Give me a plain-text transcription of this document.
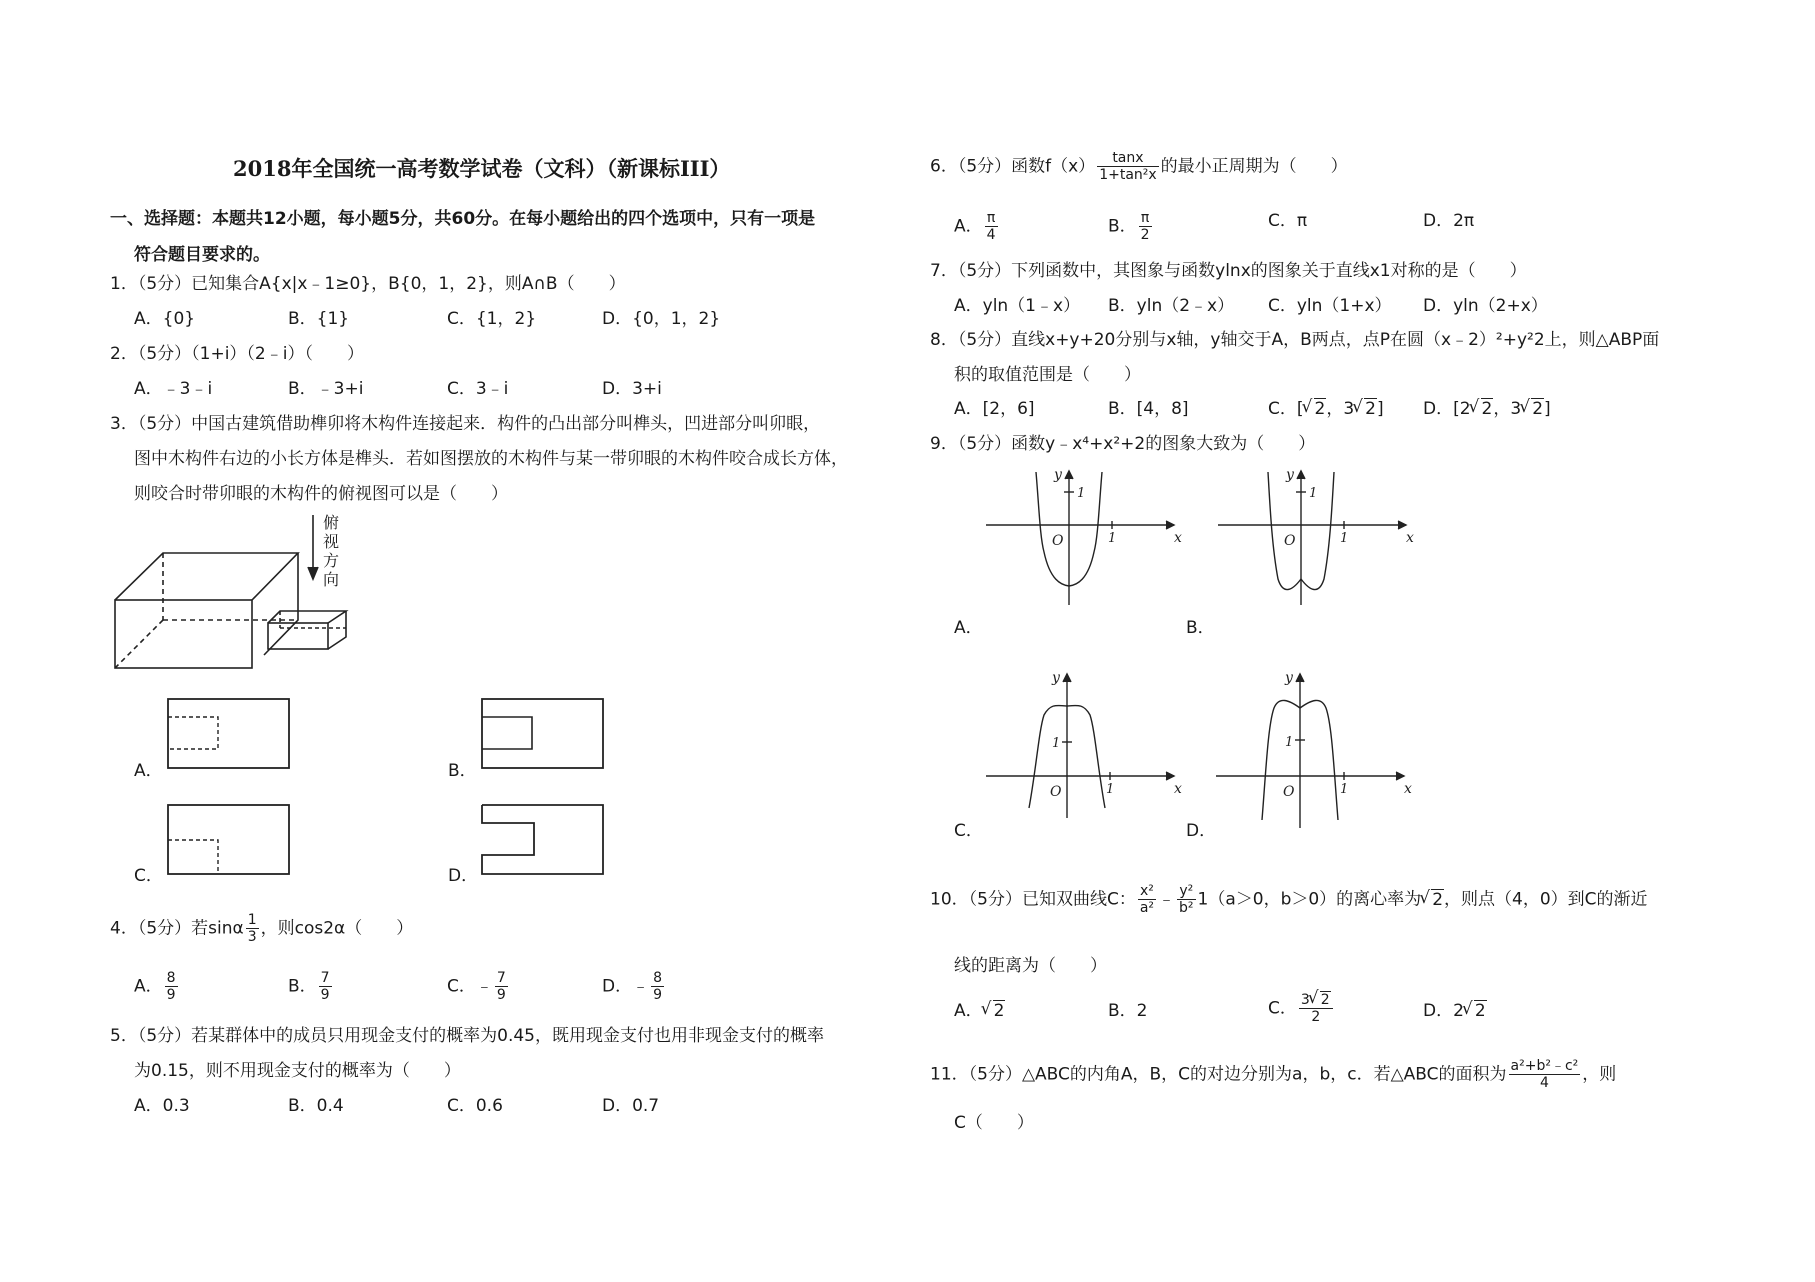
2018年全国统一高考数学试卷（文科）（新课标III）
一、选择题：本题共12小题，每小题5分，共60分。在每小题给出的四个选项中，只有一项是
符合题目要求的。
1．（5分）已知集合A{x|x﹣1≥0}，B{0，1，2}，则A∩B（　　）
A．{0}	B．{1}	C．{1，2}	D．{0，1，2}
2．（5分）（1+i）（2﹣i）（　　）
A．﹣3﹣i	B．﹣3+i	C．3﹣i	D．3+i
3．（5分）中国古建筑借助榫卯将木构件连接起来．构件的凸出部分叫榫头，凹进部分叫卯眼，
图中木构件右边的小长方体是榫头．若如图摆放的木构件与某一带卯眼的木构件咬合成长方体，
则咬合时带卯眼的木构件的俯视图可以是（　　）
俯
视
方
向
A．	B．
C．	D．
4．（5分）若sinα $\frac{1}{3}$ ，则cos2α（　　）
A． $\frac{8}{9}$	B． $\frac{7}{9}$	C．﹣ $\frac{7}{9}$	D．﹣ $\frac{8}{9}$
5．（5分）若某群体中的成员只用现金支付的概率为0.45，既用现金支付也用非现金支付的概率
为0.15，则不用现金支付的概率为（　　）
A．0.3	B．0.4	C．0.6	D．0.7
6．（5分）函数$f(x) \frac{\tan x}{\text{1+tan²x}}$ 的最小正周期为（　　）
A． $\frac{\pi}{4}$	B． $\frac{\pi}{2}$	C．π	D．2π
7．（5分）下列函数中，其图象与函数ylnx的图象关于直线x1对称的是（　　）
A．yln（1﹣x） B．yln（2﹣x） C．yln（1+x） D．yln（2+x）
8．（5分）直线x+y+20分别与x轴，y轴交于A，B两点，点P在圆（x﹣2）²+y²2上，则△ABP面
积的取值范围是（　　）
A．[2，6]	B．[4，8]	C．[ √ 2，3 √ 2] D．[2 √ 2，3 √ 2]
9．（5分）函数y﹣x⁴+x²+2的图象大致为（　　）
x
y
O
1
1
A．
x
y
O
1
1
B．
x
y
O
1
1
C．
x
y
O
1
1
D．
10．（5分）已知双曲线C： $\frac{\text{x²}}{\text{a²}}$ ﹣ $\frac{\text{y²}}{\text{b²}} 1(a>0$，b＞0）的离心率为 √ 2，则点（4，0）到C的渐近
线的距离为（　　）
A． √ 2	B．2	C． $\frac{3 √ 2}{2}$	D．2 √ 2
11．（5分）△ABC的内角A，B，C的对边分别为a，b，c．若△ABC的面积为 $\frac{\text{a²+b²﹣c²}}{4}$ ，则
C（　　）
